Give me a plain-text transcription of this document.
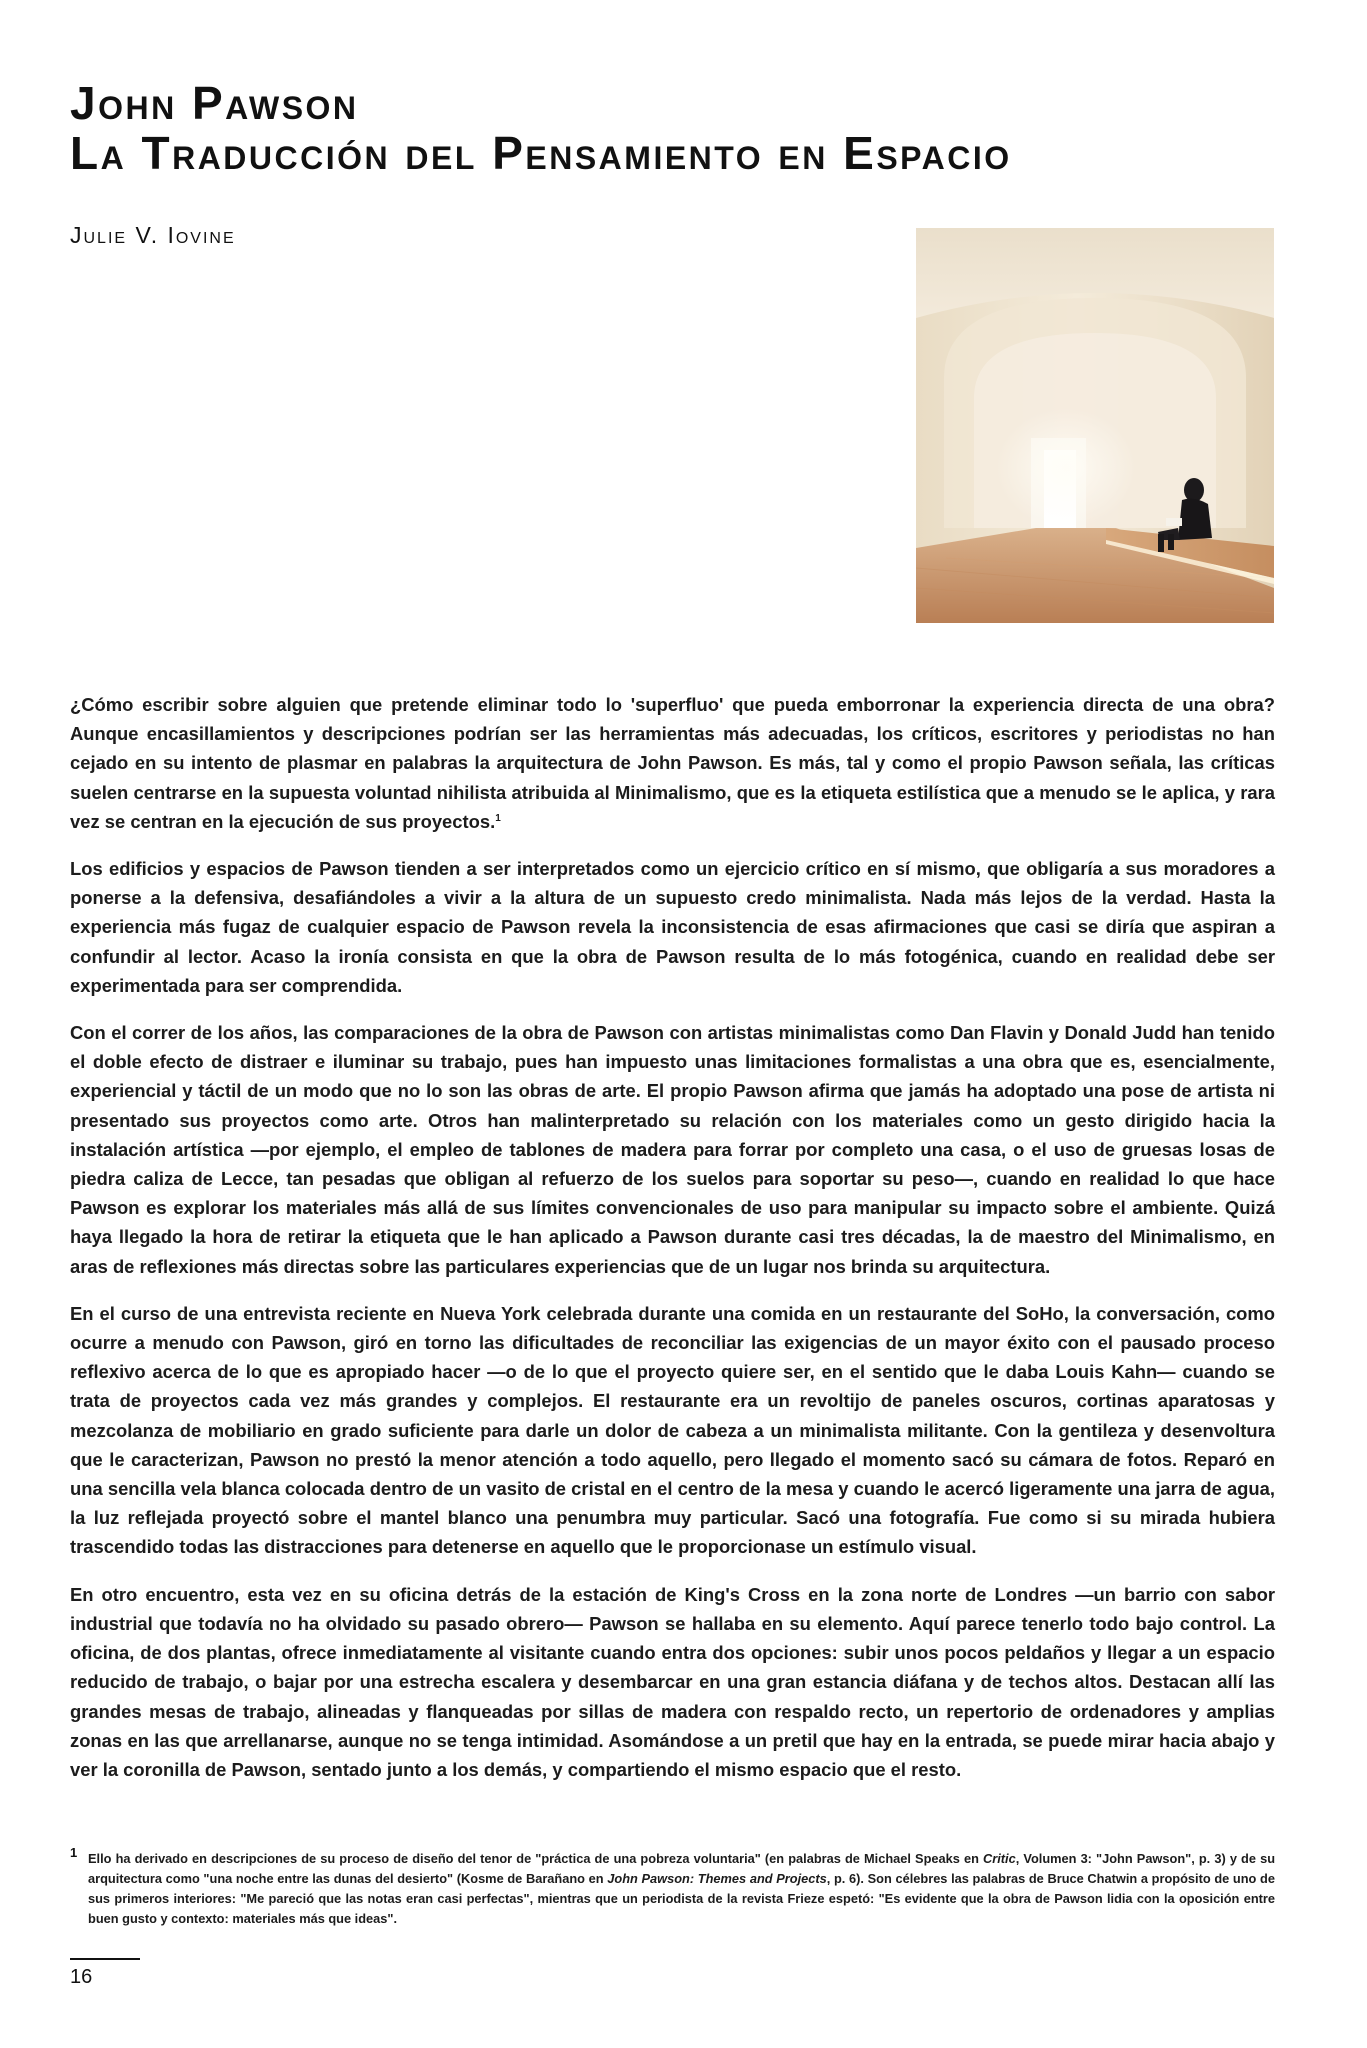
John Pawson
La Traducción del Pensamiento en Espacio
Julie V. Iovine

¿Cómo escribir sobre alguien que pretende eliminar todo lo 'superfluo' que pueda emborronar la experiencia directa de una obra? Aunque encasillamientos y descripciones podrían ser las herramientas más adecuadas, los críticos, escritores y periodistas no han cejado en su intento de plasmar en palabras la arquitectura de John Pawson. Es más, tal y como el propio Pawson señala, las críticas suelen centrarse en la supuesta voluntad nihilista atribuida al Minimalismo, que es la etiqueta estilística que a menudo se le aplica, y rara vez se centran en la ejecución de sus proyectos.$^1$

Los edificios y espacios de Pawson tienden a ser interpretados como un ejercicio crítico en sí mismo, que obligaría a sus moradores a ponerse a la defensiva, desafiándoles a vivir a la altura de un supuesto credo minimalista. Nada más lejos de la verdad. Hasta la experiencia más fugaz de cualquier espacio de Pawson revela la inconsistencia de esas afirmaciones que casi se diría que aspiran a confundir al lector. Acaso la ironía consista en que la obra de Pawson resulta de lo más fotogénica, cuando en realidad debe ser experimentada para ser comprendida.

Con el correr de los años, las comparaciones de la obra de Pawson con artistas minimalistas como Dan Flavin y Donald Judd han tenido el doble efecto de distraer e iluminar su trabajo, pues han impuesto unas limitaciones formalistas a una obra que es, esencialmente, experiencial y táctil de un modo que no lo son las obras de arte. El propio Pawson afirma que jamás ha adoptado una pose de artista ni presentado sus proyectos como arte. Otros han malinterpretado su relación con los materiales como un gesto dirigido hacia la instalación artística —por ejemplo, el empleo de tablones de madera para forrar por completo una casa, o el uso de gruesas losas de piedra caliza de Lecce, tan pesadas que obligan al refuerzo de los suelos para soportar su peso—, cuando en realidad lo que hace Pawson es explorar los materiales más allá de sus límites convencionales de uso para manipular su impacto sobre el ambiente. Quizá haya llegado la hora de retirar la etiqueta que le han aplicado a Pawson durante casi tres décadas, la de maestro del Minimalismo, en aras de reflexiones más directas sobre las particulares experiencias que de un lugar nos brinda su arquitectura.

En el curso de una entrevista reciente en Nueva York celebrada durante una comida en un restaurante del SoHo, la conversación, como ocurre a menudo con Pawson, giró en torno las dificultades de reconciliar las exigencias de un mayor éxito con el pausado proceso reflexivo acerca de lo que es apropiado hacer —o de lo que el proyecto quiere ser, en el sentido que le daba Louis Kahn— cuando se trata de proyectos cada vez más grandes y complejos. El restaurante era un revoltijo de paneles oscuros, cortinas aparatosas y mezcolanza de mobiliario en grado suficiente para darle un dolor de cabeza a un minimalista militante. Con la gentileza y desenvoltura que le caracterizan, Pawson no prestó la menor atención a todo aquello, pero llegado el momento sacó su cámara de fotos. Reparó en una sencilla vela blanca colocada dentro de un vasito de cristal en el centro de la mesa y cuando le acercó ligeramente una jarra de agua, la luz reflejada proyectó sobre el mantel blanco una penumbra muy particular. Sacó una fotografía. Fue como si su mirada hubiera trascendido todas las distracciones para detenerse en aquello que le proporcionase un estímulo visual.

En otro encuentro, esta vez en su oficina detrás de la estación de King's Cross en la zona norte de Londres —un barrio con sabor industrial que todavía no ha olvidado su pasado obrero— Pawson se hallaba en su elemento. Aquí parece tenerlo todo bajo control. La oficina, de dos plantas, ofrece inmediatamente al visitante cuando entra dos opciones: subir unos pocos peldaños y llegar a un espacio reducido de trabajo, o bajar por una estrecha escalera y desembarcar en una gran estancia diáfana y de techos altos. Destacan allí las grandes mesas de trabajo, alineadas y flanqueadas por sillas de madera con respaldo recto, un repertorio de ordenadores y amplias zonas en las que arrellanarse, aunque no se tenga intimidad. Asomándose a un pretil que hay en la entrada, se puede mirar hacia abajo y ver la coronilla de Pawson, sentado junto a los demás, y compartiendo el mismo espacio que el resto.

1 Ello ha derivado en descripciones de su proceso de diseño del tenor de "práctica de una pobreza voluntaria" (en palabras de Michael Speaks en Critic, Volumen 3: "John Pawson", p. 3) y de su arquitectura como "una noche entre las dunas del desierto" (Kosme de Barañano en John Pawson: Themes and Projects, p. 6). Son célebres las palabras de Bruce Chatwin a propósito de uno de sus primeros interiores: "Me pareció que las notas eran casi perfectas", mientras que un periodista de la revista Frieze espetó: "Es evidente que la obra de Pawson lidia con la oposición entre buen gusto y contexto: materiales más que ideas".

16
